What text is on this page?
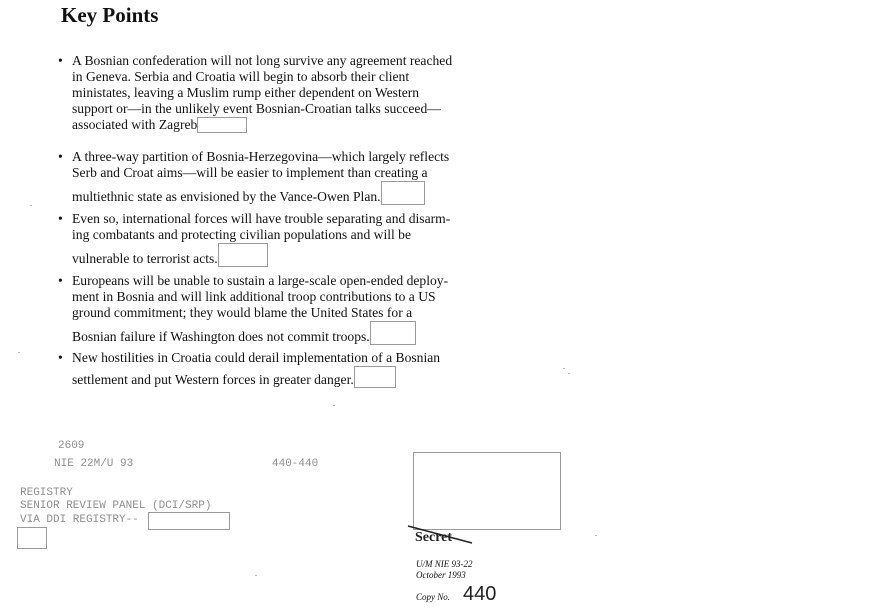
Key Points
• A Bosnian confederation will not long survive any agreement reached
in Geneva. Serbia and Croatia will begin to absorb their client
ministates, leaving a Muslim rump either dependent on Western
support or—in the unlikely event Bosnian-Croatian talks succeed—
associated with Zagreb
• A three-way partition of Bosnia-Herzegovina—which largely reflects
Serb and Croat aims—will be easier to implement than creating a
multiethnic state as envisioned by the Vance-Owen Plan.
• Even so, international forces will have trouble separating and disarm-
ing combatants and protecting civilian populations and will be
vulnerable to terrorist acts.
• Europeans will be unable to sustain a large-scale open-ended deploy-
ment in Bosnia and will link additional troop contributions to a US
ground commitment; they would blame the United States for a
Bosnian failure if Washington does not commit troops.
• New hostilities in Croatia could derail implementation of a Bosnian
settlement and put Western forces in greater danger.
2609
NIE 22M/U 93	440-440
REGISTRY
SENIOR REVIEW PANEL (DCI/SRP)
VIA DDI REGISTRY--
Secret
U/M NIE 93-22
October 1993
Copy No. 440
